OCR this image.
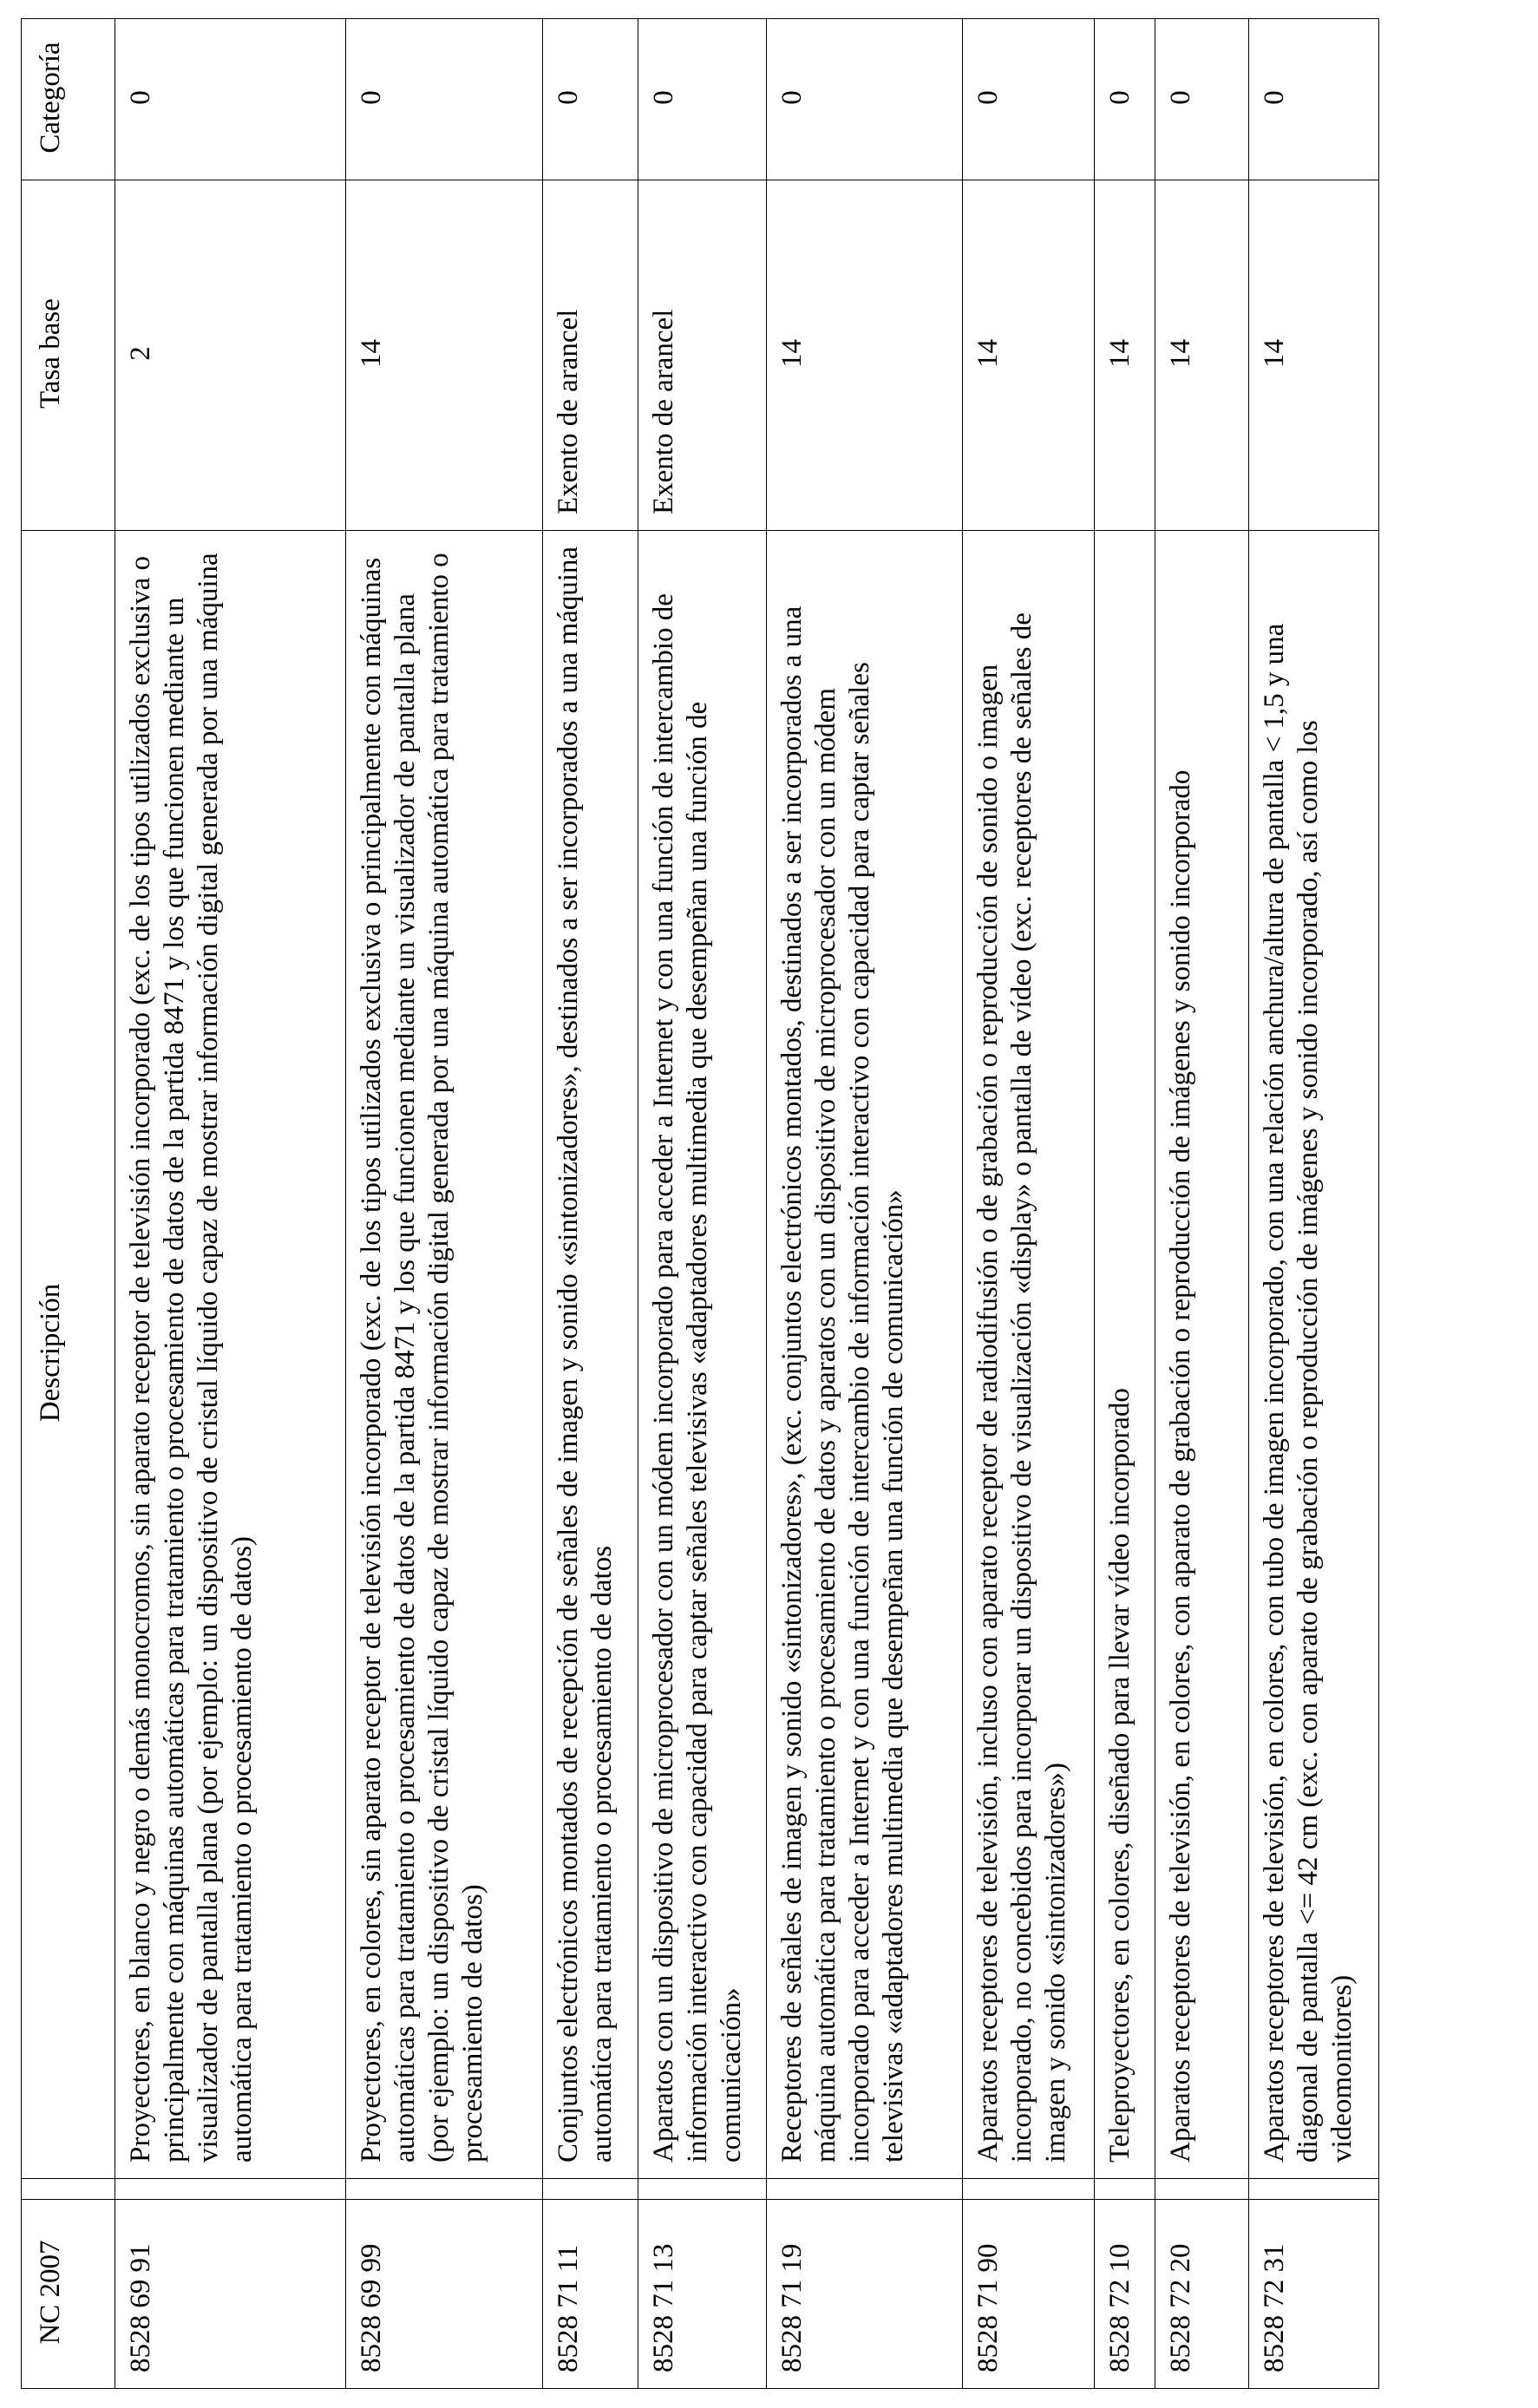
NC 2007		Descripción	Tasa base	Categoría
8528 69 91		Proyectores, en blanco y negro o demás monocromos, sin aparato receptor de televisión incorporado (exc. de los tipos utilizados exclusiva o principalmente con máquinas automáticas para tratamiento o procesamiento de datos de la partida 8471 y los que funcionen mediante un visualizador de pantalla plana (por ejemplo: un dispositivo de cristal líquido capaz de mostrar información digital generada por una máquina automática para tratamiento o procesamiento de datos)	2	0
8528 69 99		Proyectores, en colores, sin aparato receptor de televisión incorporado (exc. de los tipos utilizados exclusiva o principalmente con máquinas automáticas para tratamiento o procesamiento de datos de la partida 8471 y los que funcionen mediante un visualizador de pantalla plana (por ejemplo: un dispositivo de cristal líquido capaz de mostrar información digital generada por una máquina automática para tratamiento o procesamiento de datos)	14	0
8528 71 11		Conjuntos electrónicos montados de recepción de señales de imagen y sonido «sintonizadores», destinados a ser incorporados a una máquina automática para tratamiento o procesamiento de datos	Exento de arancel	0
8528 71 13		Aparatos con un dispositivo de microprocesador con un módem incorporado para acceder a Internet y con una función de intercambio de información interactivo con capacidad para captar señales televisivas «adaptadores multimedia que desempeñan una función de comunicación»	Exento de arancel	0
8528 71 19		Receptores de señales de imagen y sonido «sintonizadores», (exc. conjuntos electrónicos montados, destinados a ser incorporados a una máquina automática para tratamiento o procesamiento de datos y aparatos con un dispositivo de microprocesador con un módem incorporado para acceder a Internet y con una función de intercambio de información interactivo con capacidad para captar señales televisivas «adaptadores multimedia que desempeñan una función de comunicación»	14	0
8528 71 90		Aparatos receptores de televisión, incluso con aparato receptor de radiodifusión o de grabación o reproducción de sonido o imagen incorporado, no concebidos para incorporar un dispositivo de visualización «display» o pantalla de vídeo (exc. receptores de señales de imagen y sonido «sintonizadores»)	14	0
8528 72 10		Teleproyectores, en colores, diseñado para llevar vídeo incorporado	14	0
8528 72 20		Aparatos receptores de televisión, en colores, con aparato de grabación o reproducción de imágenes y sonido incorporado	14	0
8528 72 31		Aparatos receptores de televisión, en colores, con tubo de imagen incorporado, con una relación anchura/altura de pantalla < 1,5 y una diagonal de pantalla <= 42 cm (exc. con aparato de grabación o reproducción de imágenes y sonido incorporado, así como los videomonitores)	14	0
